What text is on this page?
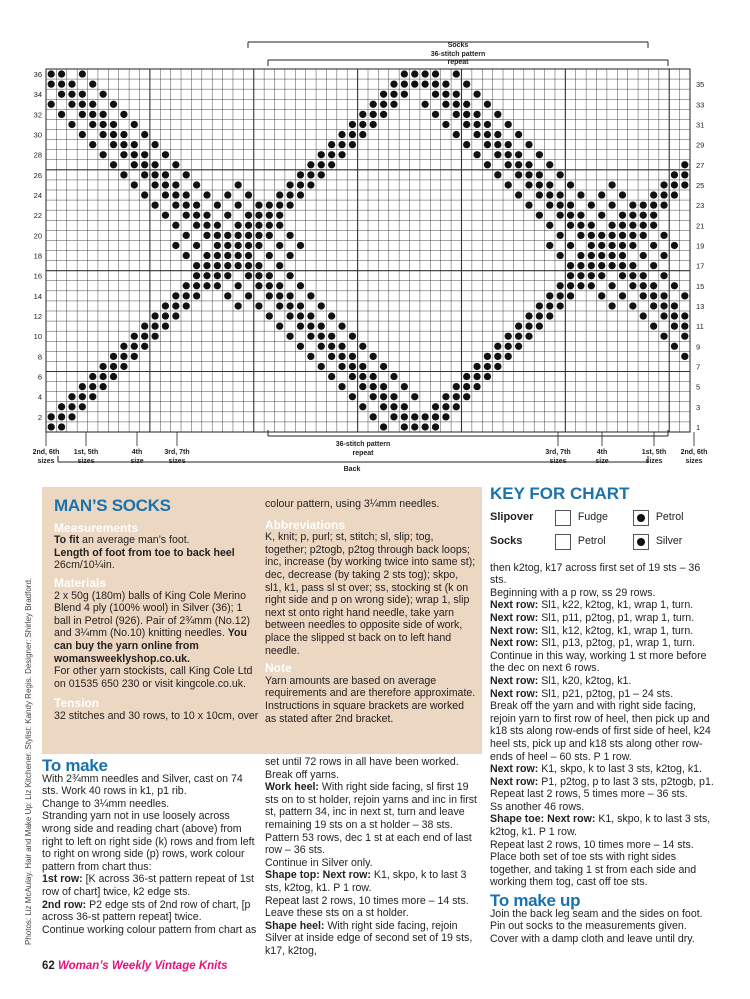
Socks
36-stitch pattern
repeat
36
34
32
30
28
26
24
22
20
18
16
14
12
10
8
6
4
2
35
33
31
29
27
25
23
21
19
17
15
13
11
9
7
5
3
1
36-stitch pattern
repeat
Back
2nd, 6th
sizes
1st, 5th
sizes
4th
size
3rd, 7th
sizes
3rd, 7th
sizes
4th
size
1st, 5th
sizes
2nd, 6th
sizes

MAN’S SOCKS

Measurements

To fit an average man’s foot.

Length of foot from toe to back heel

26cm/10¼in.

Materials

2 x 50g (180m) balls of King Cole Merino Blend 4 ply (100% wool) in Silver (36); 1 ball in Petrol (926). Pair of 2¾mm (No.12) and 3¼mm (No.10) knitting needles. You can buy the yarn online from womansweeklyshop.co.uk.

For other yarn stockists, call King Cole Ltd on 01535 650 230 or visit kingcole.co.uk.

Tension

32 stitches and 30 rows, to 10 x 10cm, over

colour pattern, using 3¼mm needles.

Abbreviations

K, knit; p, purl; st, stitch; sl, slip; tog, together; p2togb, p2tog through back loops; inc, increase (by working twice into same st); dec, decrease (by taking 2 sts tog); skpo, sl1, k1, pass sl st over; ss, stocking st (k on right side and p on wrong side); wrap 1, slip next st onto right hand needle, take yarn between needles to opposite side of work, place the slipped st back on to left hand needle.

Note

Yarn amounts are based on average requirements and are therefore approximate. Instructions in square brackets are worked as stated after 2nd bracket.

To make

With 2¾mm needles and Silver, cast on 74 sts. Work 40 rows in k1, p1 rib.

Change to 3¼mm needles.

Stranding yarn not in use loosely across wrong side and reading chart (above) from right to left on right side (k) rows and from left to right on wrong side (p) rows, work colour pattern from chart thus:

1st row: [K across 36-st pattern repeat of 1st row of chart] twice, k2 edge sts.

2nd row: P2 edge sts of 2nd row of chart, [p across 36-st pattern repeat] twice.

Continue working colour pattern from chart as

set until 72 rows in all have been worked.

Break off yarns.

Work heel: With right side facing, sl first 19 sts on to st holder, rejoin yarns and inc in first st, pattern 34, inc in next st, turn and leave remaining 19 sts on a st holder – 38 sts.

Pattern 53 rows, dec 1 st at each end of last row – 36 sts.

Continue in Silver only.

Shape top: Next row: K1, skpo, k to last 3 sts, k2tog, k1. P 1 row.

Repeat last 2 rows, 10 times more – 14 sts.

Leave these sts on a st holder.

Shape heel: With right side facing, rejoin Silver at inside edge of second set of 19 sts, k17, k2tog,

KEY FOR CHART

Slipover	Fudge	Petrol
Socks	Petrol	Silver

then k2tog, k17 across first set of 19 sts – 36 sts.

Beginning with a p row, ss 29 rows.

Next row: Sl1, k22, k2tog, k1, wrap 1, turn.

Next row: Sl1, p11, p2tog, p1, wrap 1, turn.

Next row: Sl1, k12, k2tog, k1, wrap 1, turn.

Next row: Sl1, p13, p2tog, p1, wrap 1, turn.

Continue in this way, working 1 st more before the dec on next 6 rows.

Next row: Sl1, k20, k2tog, k1.

Next row: Sl1, p21, p2tog, p1 – 24 sts.

Break off the yarn and with right side facing, rejoin yarn to first row of heel, then pick up and k18 sts along row-ends of first side of heel, k24 heel sts, pick up and k18 sts along other row-ends of heel – 60 sts. P 1 row.

Next row: K1, skpo, k to last 3 sts, k2tog, k1.

Next row: P1, p2tog, p to last 3 sts, p2togb, p1.

Repeat last 2 rows, 5 times more – 36 sts.

Ss another 46 rows.

Shape toe: Next row: K1, skpo, k to last 3 sts, k2tog, k1. P 1 row.

Repeat last 2 rows, 10 times more – 14 sts.

Place both set of toe sts with right sides together, and taking 1 st from each side and working them tog, cast off toe sts.

To make up

Join the back leg seam and the sides on foot. Pin out socks to the measurements given. Cover with a damp cloth and leave until dry.

Photos: Liz McAulay. Hair and Make Up: Liz Kitchener. Stylist: Kandy Regis. Designer: Shirley Bradford.
62 Woman’s Weekly Vintage Knits
